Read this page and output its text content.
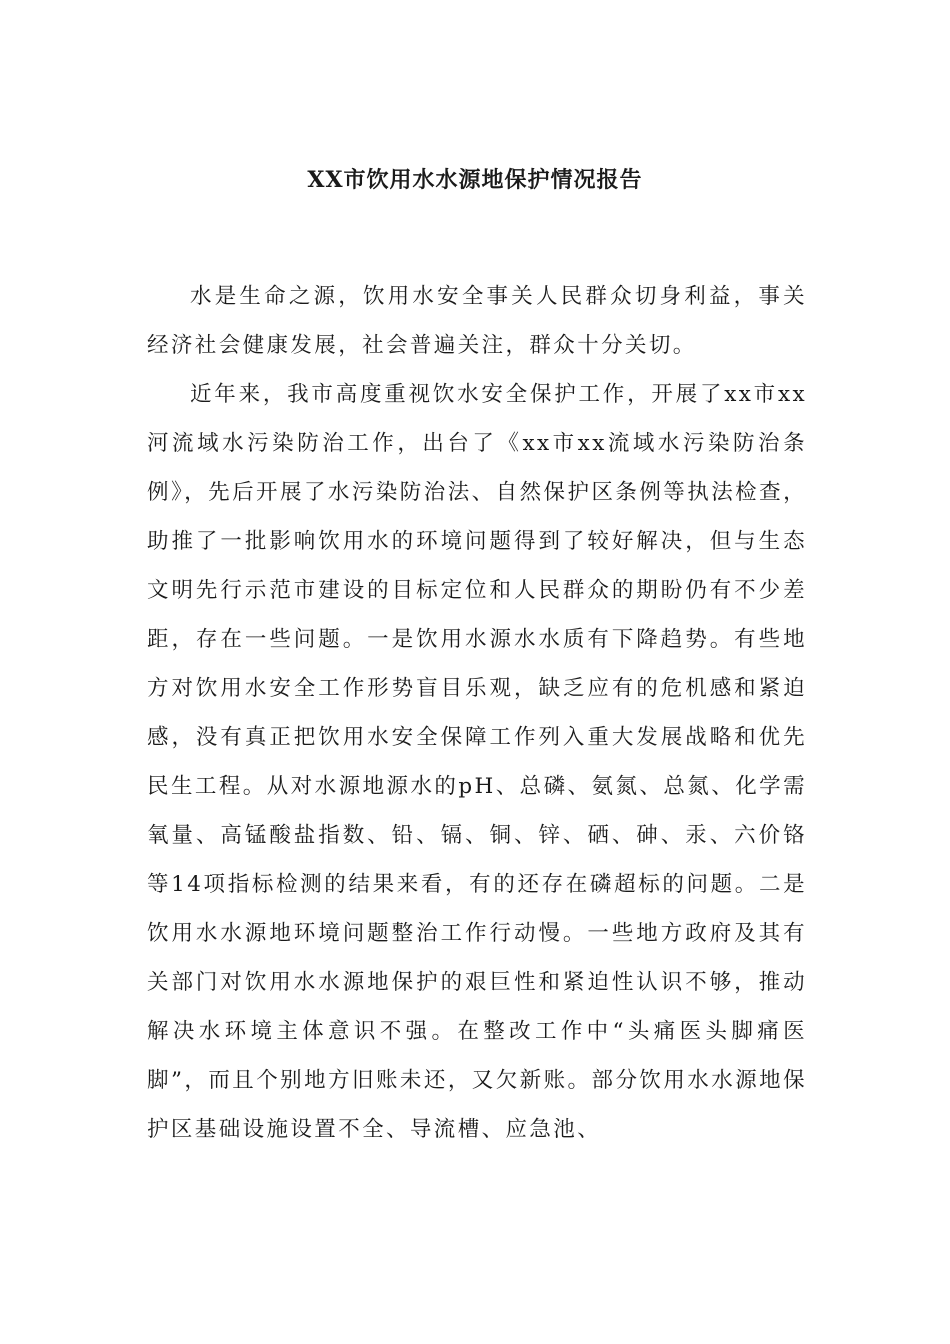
XX市饮用水水源地保护情况报告

水是生命之源，饮用水安全事关人民群众切身利益，事关经济社会健康发展，社会普遍关注，群众十分关切。

近年来，我市高度重视饮水安全保护工作，开展了xx市xx河流域水污染防治工作，出台了《xx市xx流域水污染防治条例》，先后开展了水污染防治法、自然保护区条例等执法检查，助推了一批影响饮用水的环境问题得到了较好解决，但与生态文明先行示范市建设的目标定位和人民群众的期盼仍有不少差距，存在一些问题。一是饮用水源水水质有下降趋势。有些地方对饮用水安全工作形势盲目乐观，缺乏应有的危机感和紧迫感，没有真正把饮用水安全保障工作列入重大发展战略和优先民生工程。从对水源地源水的pH、总磷、氨氮、总氮、化学需氧量、高锰酸盐指数、铅、镉、铜、锌、硒、砷、汞、六价铬等14项指标检测的结果来看，有的还存在磷超标的问题。二是饮用水水源地环境问题整治工作行动慢。一些地方政府及其有关部门对饮用水水源地保护的艰巨性和紧迫性认识不够，推动解决水环境主体意识不强。在整改工作中“头痛医头脚痛医脚”，而且个别地方旧账未还，又欠新账。部分饮用水水源地保护区基础设施设置不全、导流槽、应急池、
